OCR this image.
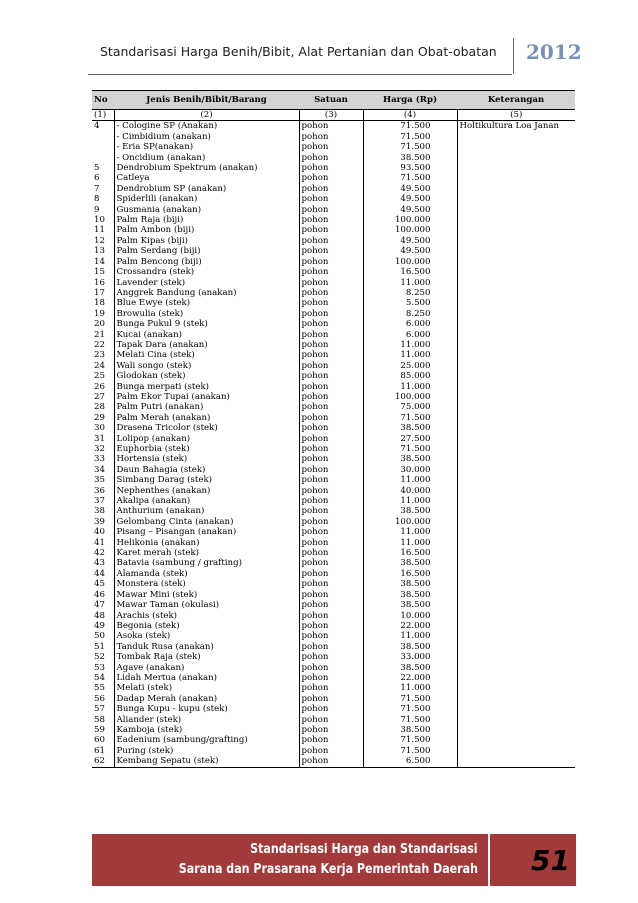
Standarisasi Harga Benih/Bibit, Alat Pertanian dan Obat-obatan 2012
No	Jenis Benih/Bibit/Barang	Satuan	Harga (Rp)	Keterangan
(1)	(2)	(3)	(4)	(5)
4	- Cologine SP (Anakan)	pohon	71.500	Holtikultura Loa Janan
	- Cimbidium (anakan)	pohon	71.500	
	- Eria SP(anakan)	pohon	71.500	
	- Oncidium (anakan)	pohon	38.500	
5	Dendrobium Spektrum (anakan)	pohon	93.500	
6	Catleya	pohon	71.500	
7	Dendrobium SP (anakan)	pohon	49.500	
8	Spiderlili (anakan)	pohon	49.500	
9	Gusmania (anakan)	pohon	49.500	
10	Palm Raja (biji)	pohon	100.000	
11	Palm Ambon (biji)	pohon	100.000	
12	Palm Kipas (biji)	pohon	49.500	
13	Palm Serdang (biji)	pohon	49.500	
14	Palm Bencong (biji)	pohon	100.000	
15	Crossandra (stek)	pohon	16.500	
16	Lavender (stek)	pohon	11.000	
17	Anggrek Bandung (anakan)	pohon	8.250	
18	Blue Ewye (stek)	pohon	5.500	
19	Browulia (stek)	pohon	8.250	
20	Bunga Pukul 9 (stek)	pohon	6.000	
21	Kucai (anakan)	pohon	6.000	
22	Tapak Dara (anakan)	pohon	11.000	
23	Melati Cina (stek)	pohon	11.000	
24	Wali songo (stek)	pohon	25.000	
25	Glodokan (stek)	pohon	85.000	
26	Bunga merpati (stek)	pohon	11.000	
27	Palm Ekor Tupai (anakan)	pohon	100.000	
28	Palm Putri (anakan)	pohon	75.000	
29	Palm Merah (anakan)	pohon	71.500	
30	Drasena Tricolor (stek)	pohon	38.500	
31	Lolipop (anakan)	pohon	27.500	
32	Euphorbia (stek)	pohon	71.500	
33	Hortensia (stek)	pohon	38.500	
34	Daun Bahagia (stek)	pohon	30.000	
35	Simbang Darag (stek)	pohon	11.000	
36	Nephenthes (anakan)	pohon	40.000	
37	Akalipa (anakan)	pohon	11.000	
38	Anthurium (anakan)	pohon	38.500	
39	Gelombang Cinta (anakan)	pohon	100.000	
40	Pisang – Pisangan (anakan)	pohon	11.000	
41	Helikonia (anakan)	pohon	11.000	
42	Karet merah (stek)	pohon	16.500	
43	Batavia (sambung / grafting)	pohon	38.500	
44	Alamanda (stek)	pohon	16.500	
45	Monstera (stek)	pohon	38.500	
46	Mawar Mini (stek)	pohon	38.500	
47	Mawar Taman (okulasi)	pohon	38.500	
48	Arachis (stek)	pohon	10.000	
49	Begonia (stek)	pohon	22.000	
50	Asoka (stek)	pohon	11.000	
51	Tanduk Rusa (anakan)	pohon	38.500	
52	Tombak Raja (stek)	pohon	33.000	
53	Agave (anakan)	pohon	38.500	
54	Lidah Mertua (anakan)	pohon	22.000	
55	Melati (stek)	pohon	11.000	
56	Dadap Merah (anakan)	pohon	71.500	
57	Bunga Kupu - kupu (stek)	pohon	71.500	
58	Aliander (stek)	pohon	71.500	
59	Kamboja (stek)	pohon	38.500	
60	Eadenium (sambung/grafting)	pohon	71.500	
61	Puring (stek)	pohon	71.500	
62	Kembang Sepatu (stek)	pohon	6.500	
Standarisasi Harga dan Standarisasi
Sarana dan Prasarana Kerja Pemerintah Daerah 51
